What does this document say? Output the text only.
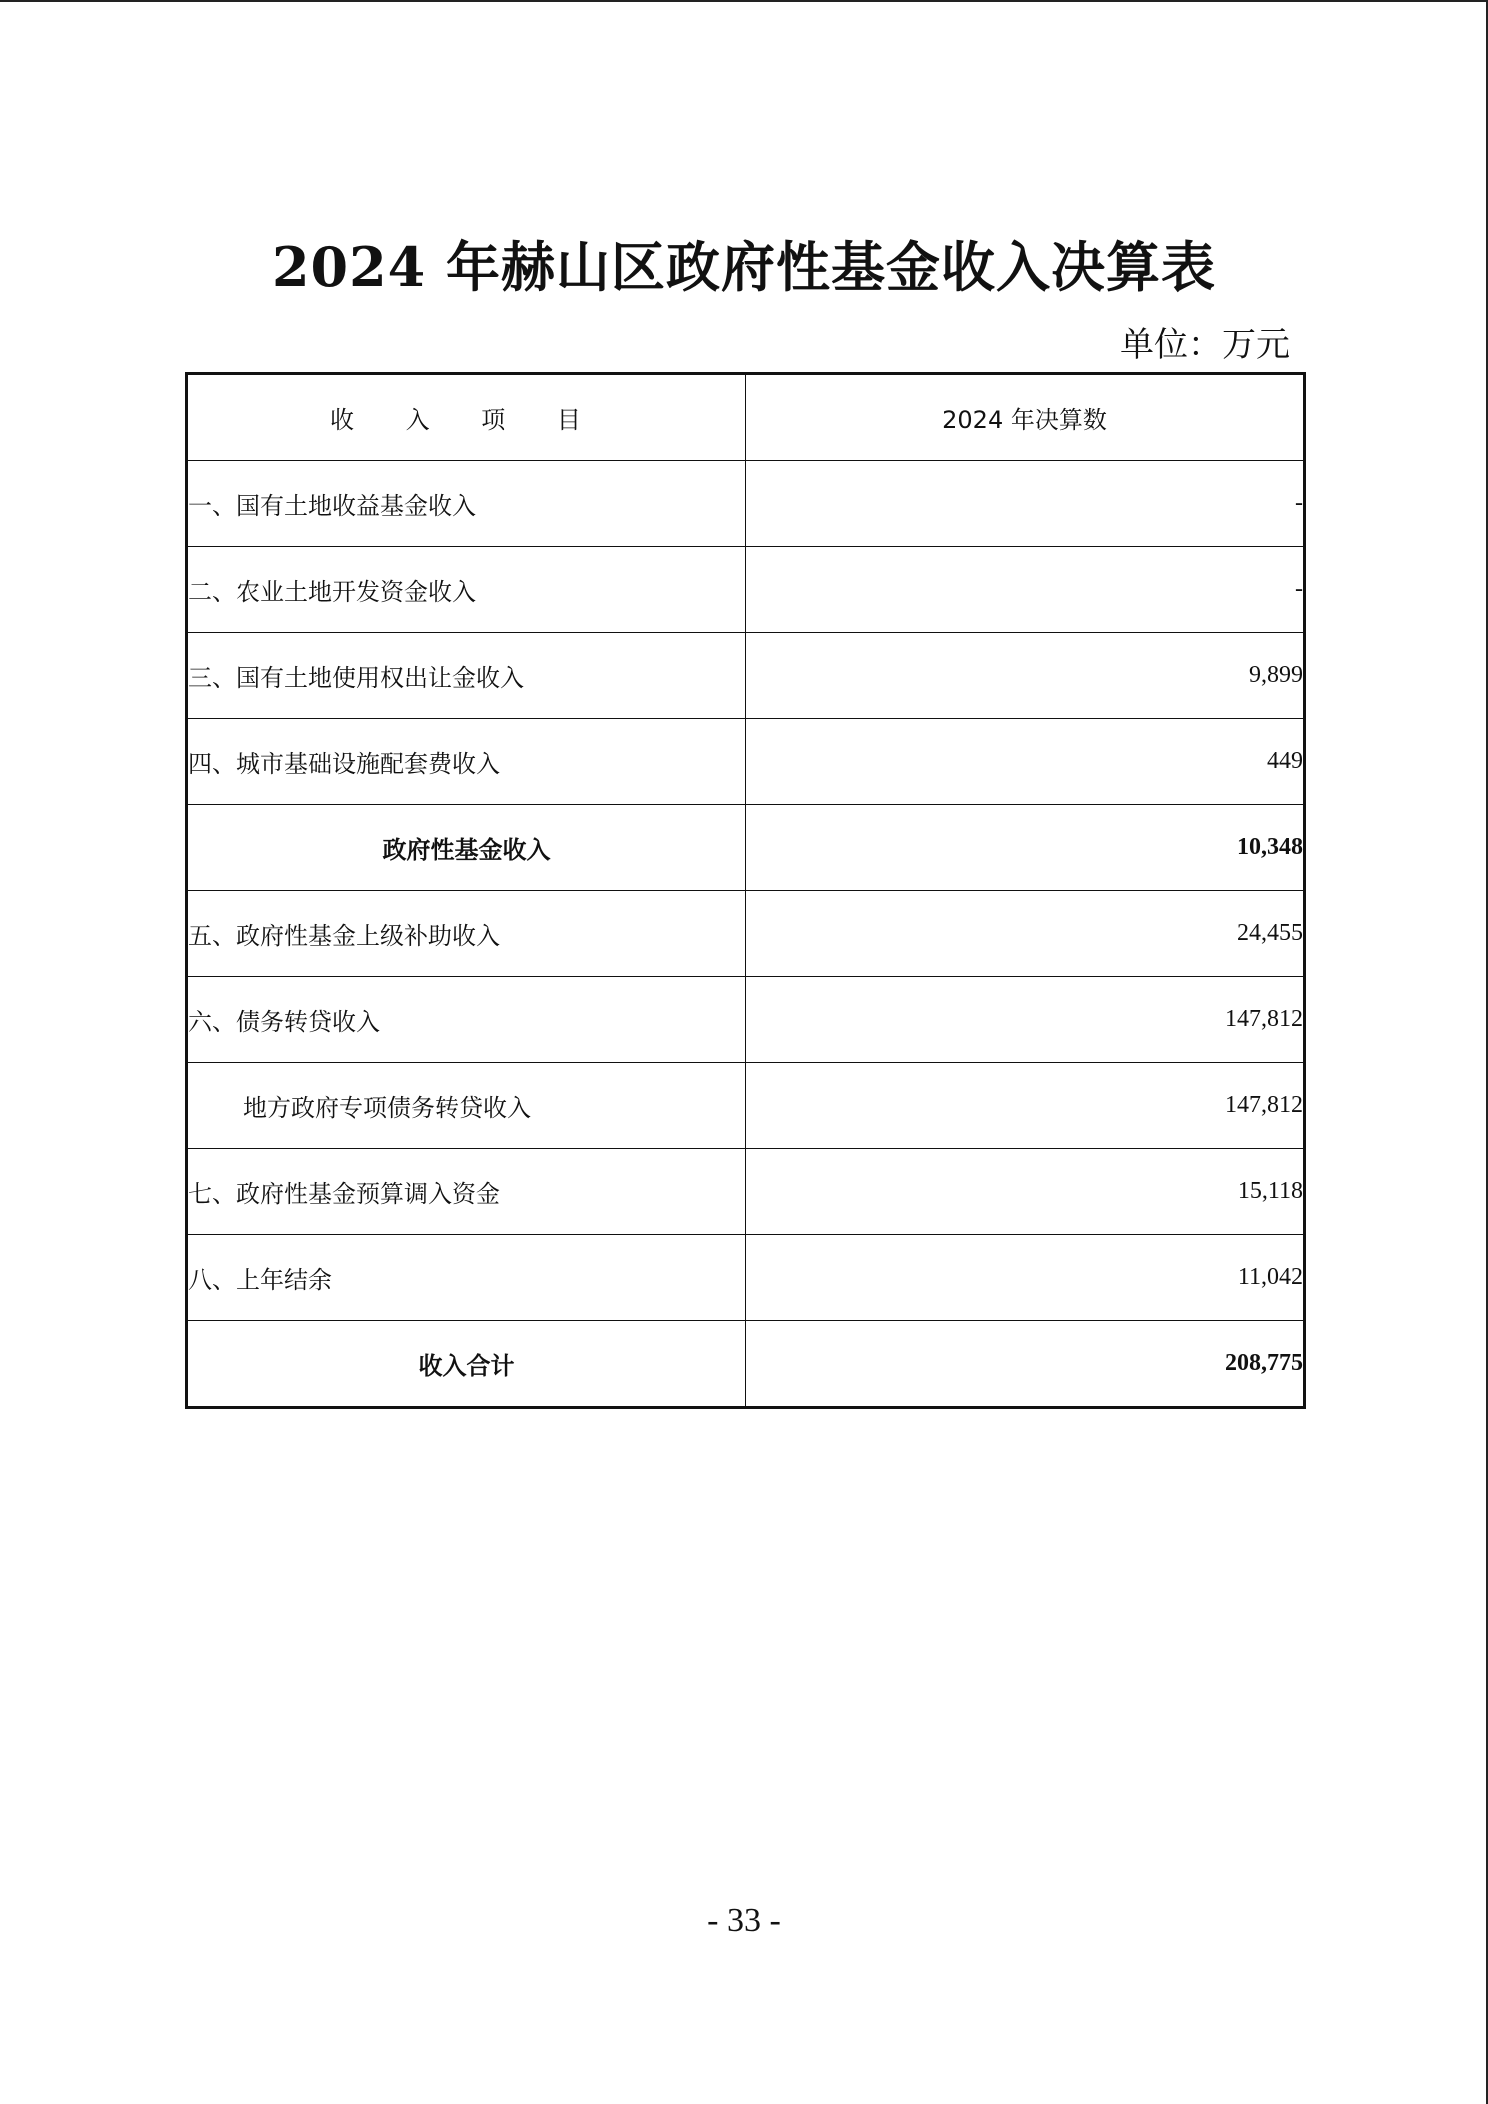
2024 年赫山区政府性基金收入决算表
单位：万元
收 入 项 目	2024 年决算数
一、国有土地收益基金收入	-
二、农业土地开发资金收入	-
三、国有土地使用权出让金收入	9,899
四、城市基础设施配套费收入	449
政府性基金收入	10,348
五、政府性基金上级补助收入	24,455
六、债务转贷收入	147,812
地方政府专项债务转贷收入	147,812
七、政府性基金预算调入资金	15,118
八、上年结余	11,042
收入合计	208,775
- 33 -
